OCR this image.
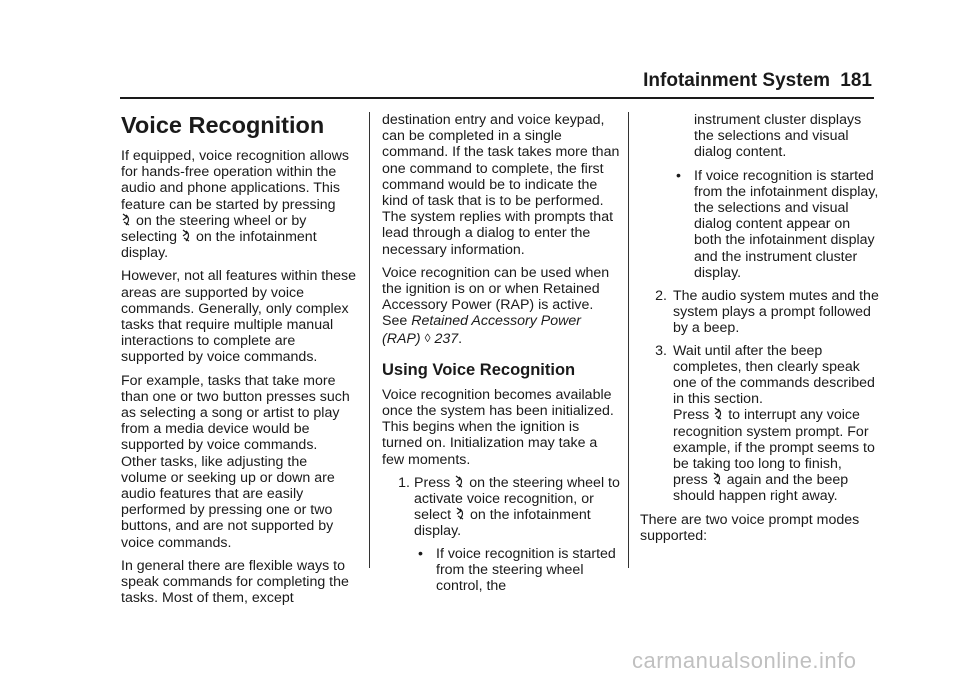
Infotainment System 181
Voice Recognition

If equipped, voice recognition allows for hands-free operation within the audio and phone applications. This feature can be started by pressing

on the steering wheel or by selecting on the infotainment display.

However, not all features within these areas are supported by voice commands. Generally, only complex tasks that require multiple manual interactions to complete are supported by voice commands.

For example, tasks that take more than one or two button presses such as selecting a song or artist to play from a media device would be supported by voice commands. Other tasks, like adjusting the volume or seeking up or down are audio features that are easily performed by pressing one or two buttons, and are not supported by voice commands.

In general there are flexible ways to speak commands for completing the tasks. Most of them, except

destination entry and voice keypad, can be completed in a single command. If the task takes more than one command to complete, the first command would be to indicate the kind of task that is to be performed. The system replies with prompts that lead through a dialog to enter the necessary information.

Voice recognition can be used when the ignition is on or when Retained Accessory Power (RAP) is active. See Retained Accessory Power (RAP) ◊ 237.

Using Voice Recognition

Voice recognition becomes available once the system has been initialized. This begins when the ignition is turned on. Initialization may take a few moments.

1. Press on the steering wheel to activate voice recognition, or select on the infotainment display.
• If voice recognition is started from the steering wheel control, the

instrument cluster displays the selections and visual dialog content.

• If voice recognition is started from the infotainment display, the selections and visual dialog content appear on both the infotainment display and the instrument cluster display.
2. The audio system mutes and the system plays a prompt followed by a beep.
3. Wait until after the beep completes, then clearly speak one of the commands described in this section.

Press to interrupt any voice recognition system prompt. For example, if the prompt seems to be taking too long to finish, press again and the beep should happen right away.

There are two voice prompt modes supported:

carmanualsonline.info
